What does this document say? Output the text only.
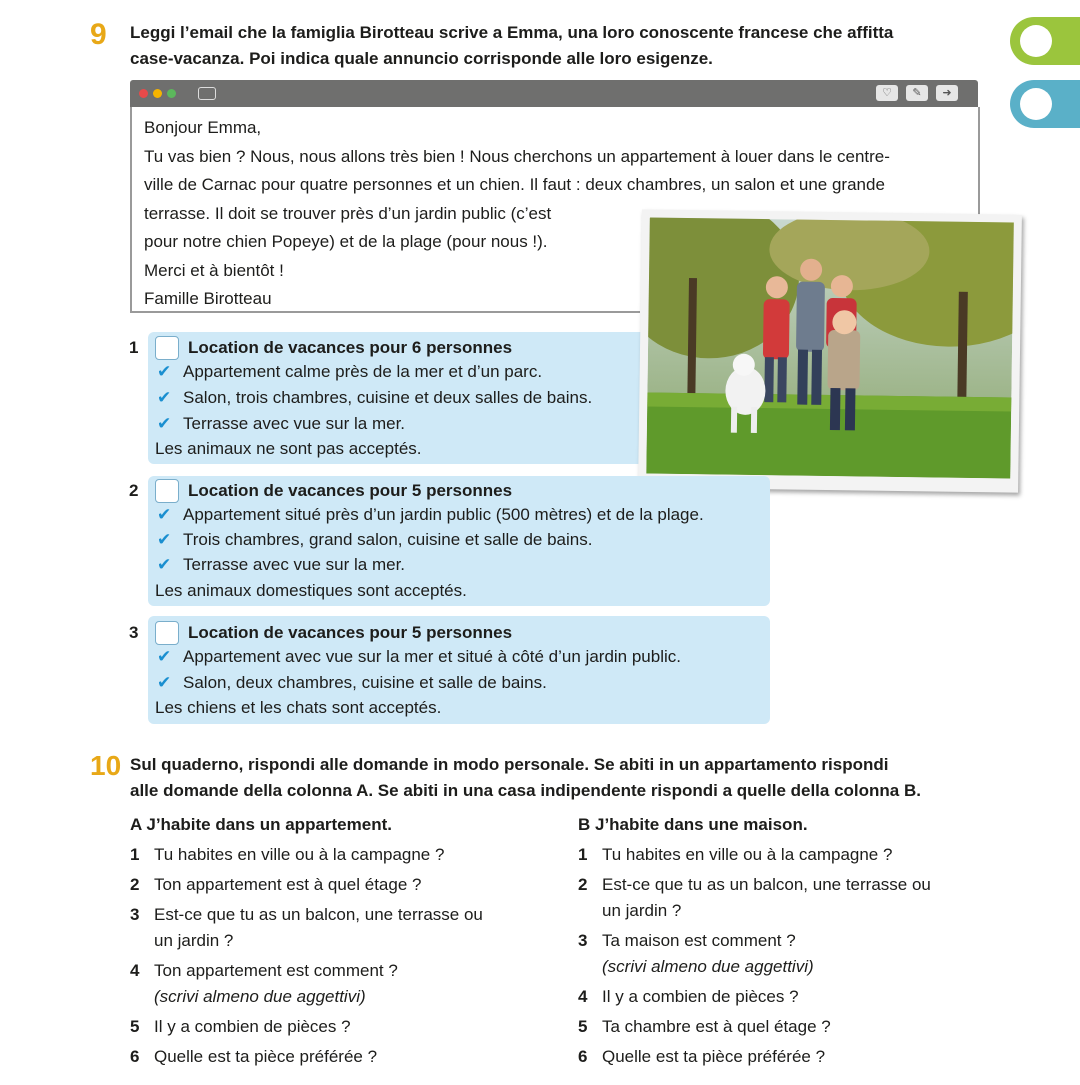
9 Leggi l’email che la famiglia Birotteau scrive a Emma, una loro conoscente francese che affitta
case-vacanza. Poi indica quale annuncio corrisponde alle loro esigenze.
♡	✎	➜
Bonjour Emma,
Tu vas bien ? Nous, nous allons très bien ! Nous cherchons un appartement à louer dans le centre-
ville de Carnac pour quatre personnes et un chien. Il faut : deux chambres, un salon et une grande
terrasse. Il doit se trouver près d’un jardin public (c’est
pour notre chien Popeye) et de la plage (pour nous !).
Merci et à bientôt !
Famille Birotteau
1	Location de vacances pour 6 personnes
✔ Appartement calme près de la mer et d’un parc.
✔ Salon, trois chambres, cuisine et deux salles de bains.
✔ Terrasse avec vue sur la mer.
Les animaux ne sont pas acceptés.
2	Location de vacances pour 5 personnes
✔ Appartement situé près d’un jardin public (500 mètres) et de la plage.
✔ Trois chambres, grand salon, cuisine et salle de bains.
✔ Terrasse avec vue sur la mer.
Les animaux domestiques sont acceptés.
3	Location de vacances pour 5 personnes
✔ Appartement avec vue sur la mer et situé à côté d’un jardin public.
✔ Salon, deux chambres, cuisine et salle de bains.
Les chiens et les chats sont acceptés.
10 Sul quaderno, rispondi alle domande in modo personale. Se abiti in un appartamento rispondi
alle domande della colonna A. Se abiti in una casa indipendente rispondi a quelle della colonna B.
A J’habite dans un appartement.
1 Tu habites en ville ou à la campagne ?
2 Ton appartement est à quel étage ?
3 Est-ce que tu as un balcon, une terrasse ou
un jardin ?
4 Ton appartement est comment ?
(scrivi almeno due aggettivi)
5 Il y a combien de pièces ?
6 Quelle est ta pièce préférée ?
B J’habite dans une maison.
1 Tu habites en ville ou à la campagne ?
2 Est-ce que tu as un balcon, une terrasse ou
un jardin ?
3 Ta maison est comment ?
(scrivi almeno due aggettivi)
4 Il y a combien de pièces ?
5 Ta chambre est à quel étage ?
6 Quelle est ta pièce préférée ?
